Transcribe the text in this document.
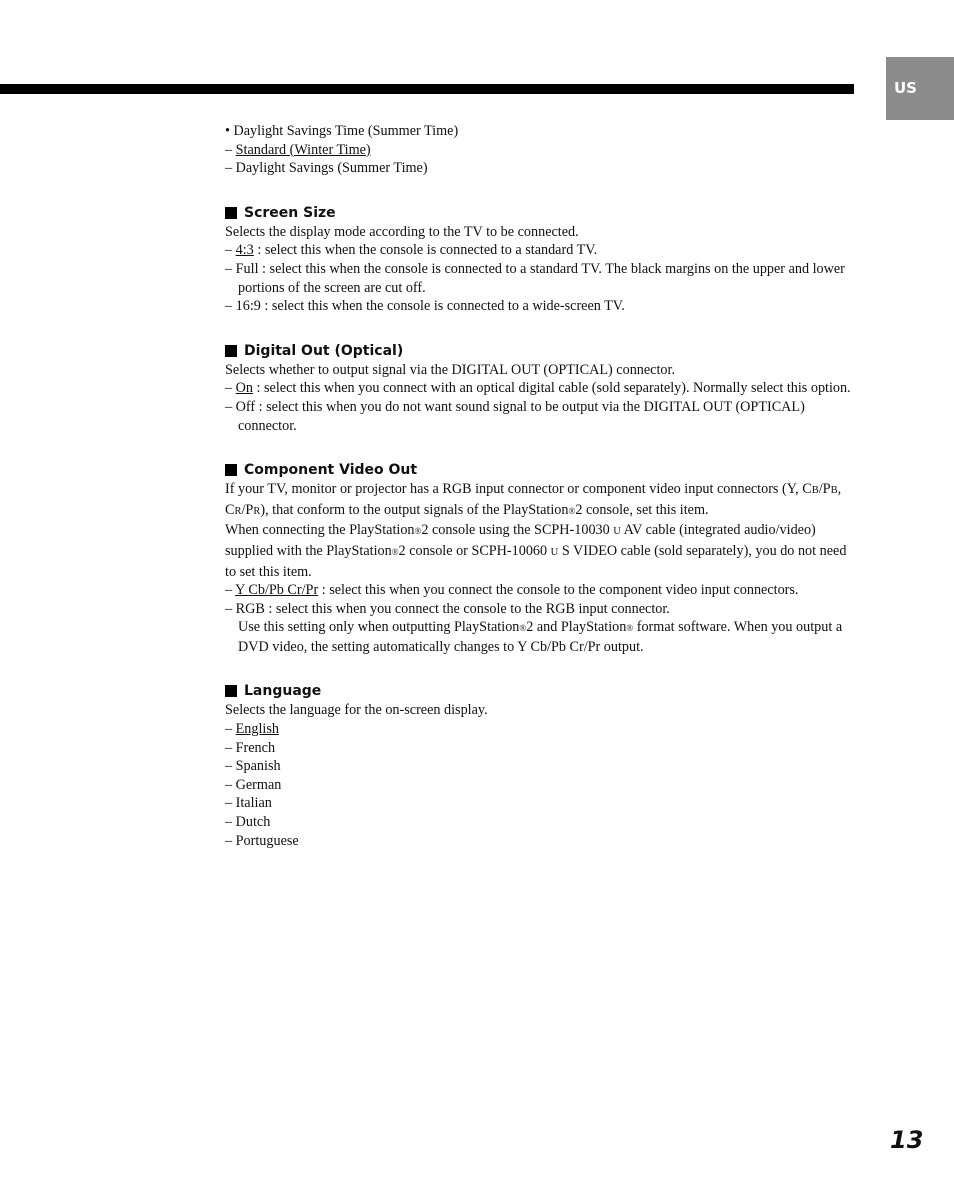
US

• Daylight Savings Time (Summer Time)

– Standard (Winter Time)

– Daylight Savings (Summer Time)

Screen Size

Selects the display mode according to the TV to be connected.

– 4:3 : select this when the console is connected to a standard TV.

– Full : select this when the console is connected to a standard TV. The black margins on the upper and lower portions of the screen are cut off.

– 16:9 : select this when the console is connected to a wide-screen TV.

Digital Out (Optical)

Selects whether to output signal via the DIGITAL OUT (OPTICAL) connector.

– On : select this when you connect with an optical digital cable (sold separately). Normally select this option.

– Off : select this when you do not want sound signal to be output via the DIGITAL OUT (OPTICAL) connector.

Component Video Out

If your TV, monitor or projector has a RGB input connector or component video input connectors (Y, CB/PB, CR/PR), that conform to the output signals of the PlayStation®2 console, set this item.

When connecting the PlayStation®2 console using the SCPH-10030 U AV cable (integrated audio/video) supplied with the PlayStation®2 console or SCPH-10060 U S VIDEO cable (sold separately), you do not need to set this item.

– Y Cb/Pb Cr/Pr : select this when you connect the console to the component video input connectors.

– RGB : select this when you connect the console to the RGB input connector.
Use this setting only when outputting PlayStation®2 and PlayStation® format software. When you output a DVD video, the setting automatically changes to Y Cb/Pb Cr/Pr output.

Language

Selects the language for the on-screen display.

– English

– French

– Spanish

– German

– Italian

– Dutch

– Portuguese

13
